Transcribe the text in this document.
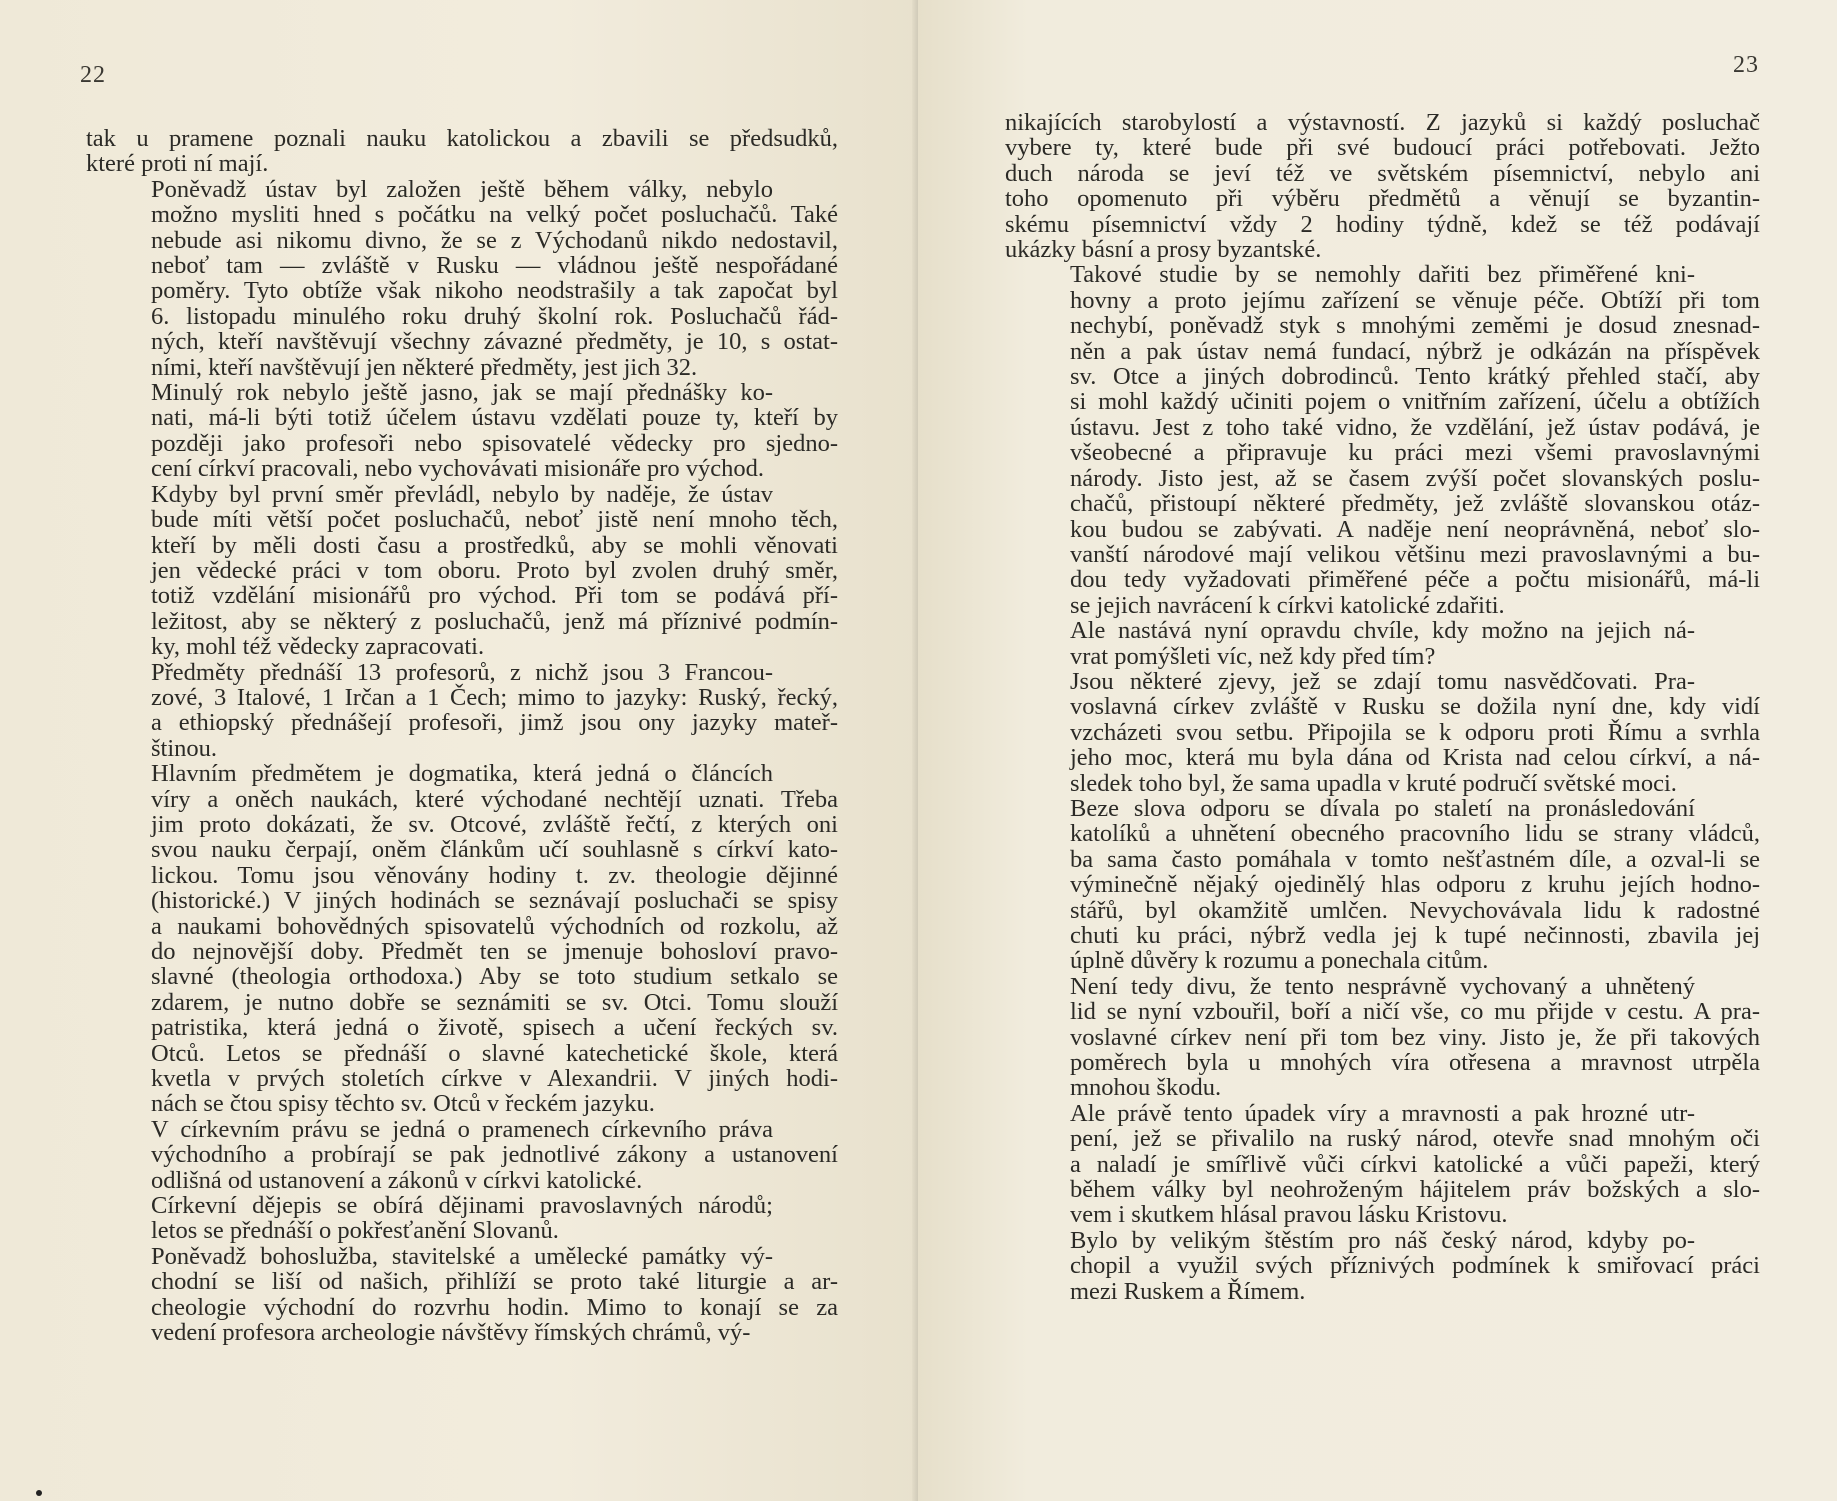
22

tak u pramene poznali nauku katolickou a zbavili se předsudků,
které proti ní mají.

Poněvadž ústav byl založen ještě během války, nebylo
možno mysliti hned s počátku na velký počet posluchačů. Také
nebude asi nikomu divno, že se z Východanů nikdo nedostavil,
neboť tam — zvláště v Rusku — vládnou ještě nespořádané
poměry. Tyto obtíže však nikoho neodstrašily a tak započat byl
6. listopadu minulého roku druhý školní rok. Posluchačů řád-
ných, kteří navštěvují všechny závazné předměty, je 10, s ostat-
ními, kteří navštěvují jen některé předměty, jest jich 32.

Minulý rok nebylo ještě jasno, jak se mají přednášky ko-
nati, má-li býti totiž účelem ústavu vzdělati pouze ty, kteří by
později jako profesoři nebo spisovatelé vědecky pro sjedno-
cení církví pracovali, nebo vychovávati misionáře pro východ.

Kdyby byl první směr převládl, nebylo by naděje, že ústav
bude míti větší počet posluchačů, neboť jistě není mnoho těch,
kteří by měli dosti času a prostředků, aby se mohli věnovati
jen vědecké práci v tom oboru. Proto byl zvolen druhý směr,
totiž vzdělání misionářů pro východ. Při tom se podává pří-
ležitost, aby se některý z posluchačů, jenž má příznivé podmín-
ky, mohl též vědecky zapracovati.

Předměty přednáší 13 profesorů, z nichž jsou 3 Francou-
zové, 3 Italové, 1 Irčan a 1 Čech; mimo to jazyky: Ruský, řecký,
a ethiopský přednášejí profesoři, jimž jsou ony jazyky mateř-
štinou.

Hlavním předmětem je dogmatika, která jedná o článcích
víry a oněch naukách, které východané nechtějí uznati. Třeba
jim proto dokázati, že sv. Otcové, zvláště řečtí, z kterých oni
svou nauku čerpají, oněm článkům učí souhlasně s církví kato-
lickou. Tomu jsou věnovány hodiny t. zv. theologie dějinné
(historické.) V jiných hodinách se seznávají posluchači se spisy
a naukami bohovědných spisovatelů východních od rozkolu, až
do nejnovější doby. Předmět ten se jmenuje bohosloví pravo-
slavné (theologia orthodoxa.) Aby se toto studium setkalo se
zdarem, je nutno dobře se seznámiti se sv. Otci. Tomu slouží
patristika, která jedná o životě, spisech a učení řeckých sv.
Otců. Letos se přednáší o slavné katechetické škole, která
kvetla v prvých stoletích církve v Alexandrii. V jiných hodi-
nách se čtou spisy těchto sv. Otců v řeckém jazyku.

V církevním právu se jedná o pramenech církevního práva
východního a probírají se pak jednotlivé zákony a ustanovení
odlišná od ustanovení a zákonů v církvi katolické.

Církevní dějepis se obírá dějinami pravoslavných národů;
letos se přednáší o pokřesťanění Slovanů.

Poněvadž bohoslužba, stavitelské a umělecké památky vý-
chodní se liší od našich, přihlíží se proto také liturgie a ar-
cheologie východní do rozvrhu hodin. Mimo to konají se za
vedení profesora archeologie návštěvy římských chrámů, vý-

23

nikajících starobylostí a výstavností. Z jazyků si každý posluchač
vybere ty, které bude při své budoucí práci potřebovati. Ježto
duch národa se jeví též ve světském písemnictví, nebylo ani
toho opomenuto při výběru předmětů a věnují se byzantin-
skému písemnictví vždy 2 hodiny týdně, kdež se též podávají
ukázky básní a prosy byzantské.

Takové studie by se nemohly dařiti bez přiměřené kni-
hovny a proto jejímu zařízení se věnuje péče. Obtíží při tom
nechybí, poněvadž styk s mnohými zeměmi je dosud znesnad-
něn a pak ústav nemá fundací, nýbrž je odkázán na příspěvek
sv. Otce a jiných dobrodinců. Tento krátký přehled stačí, aby
si mohl každý učiniti pojem o vnitřním zařízení, účelu a obtížích
ústavu. Jest z toho také vidno, že vzdělání, jež ústav podává, je
všeobecné a připravuje ku práci mezi všemi pravoslavnými
národy. Jisto jest, až se časem zvýší počet slovanských poslu-
chačů, přistoupí některé předměty, jež zvláště slovanskou otáz-
kou budou se zabývati. A naděje není neoprávněná, neboť slo-
vanští národové mají velikou většinu mezi pravoslavnými a bu-
dou tedy vyžadovati přiměřené péče a počtu misionářů, má-li
se jejich navrácení k církvi katolické zdařiti.

Ale nastává nyní opravdu chvíle, kdy možno na jejich ná-
vrat pomýšleti víc, než kdy před tím?

Jsou některé zjevy, jež se zdají tomu nasvědčovati. Pra-
voslavná církev zvláště v Rusku se dožila nyní dne, kdy vidí
vzcházeti svou setbu. Připojila se k odporu proti Římu a svrhla
jeho moc, která mu byla dána od Krista nad celou církví, a ná-
sledek toho byl, že sama upadla v kruté područí světské moci.

Beze slova odporu se dívala po staletí na pronásledování
katolíků a uhnětení obecného pracovního lidu se strany vládců,
ba sama často pomáhala v tomto nešťastném díle, a ozval-li se
výminečně nějaký ojedinělý hlas odporu z kruhu jejích hodno-
stářů, byl okamžitě umlčen. Nevychovávala lidu k radostné
chuti ku práci, nýbrž vedla jej k tupé nečinnosti, zbavila jej
úplně důvěry k rozumu a ponechala citům.

Není tedy divu, že tento nesprávně vychovaný a uhnětený
lid se nyní vzbouřil, boří a ničí vše, co mu přijde v cestu. A pra-
voslavné církev není při tom bez viny. Jisto je, že při takových
poměrech byla u mnohých víra otřesena a mravnost utrpěla
mnohou škodu.

Ale právě tento úpadek víry a mravnosti a pak hrozné utr-
pení, jež se přivalilo na ruský národ, otevře snad mnohým oči
a naladí je smířlivě vůči církvi katolické a vůči papeži, který
během války byl neohroženým hájitelem práv božských a slo-
vem i skutkem hlásal pravou lásku Kristovu.

Bylo by velikým štěstím pro náš český národ, kdyby po-
chopil a využil svých příznivých podmínek k smiřovací práci
mezi Ruskem a Římem.
